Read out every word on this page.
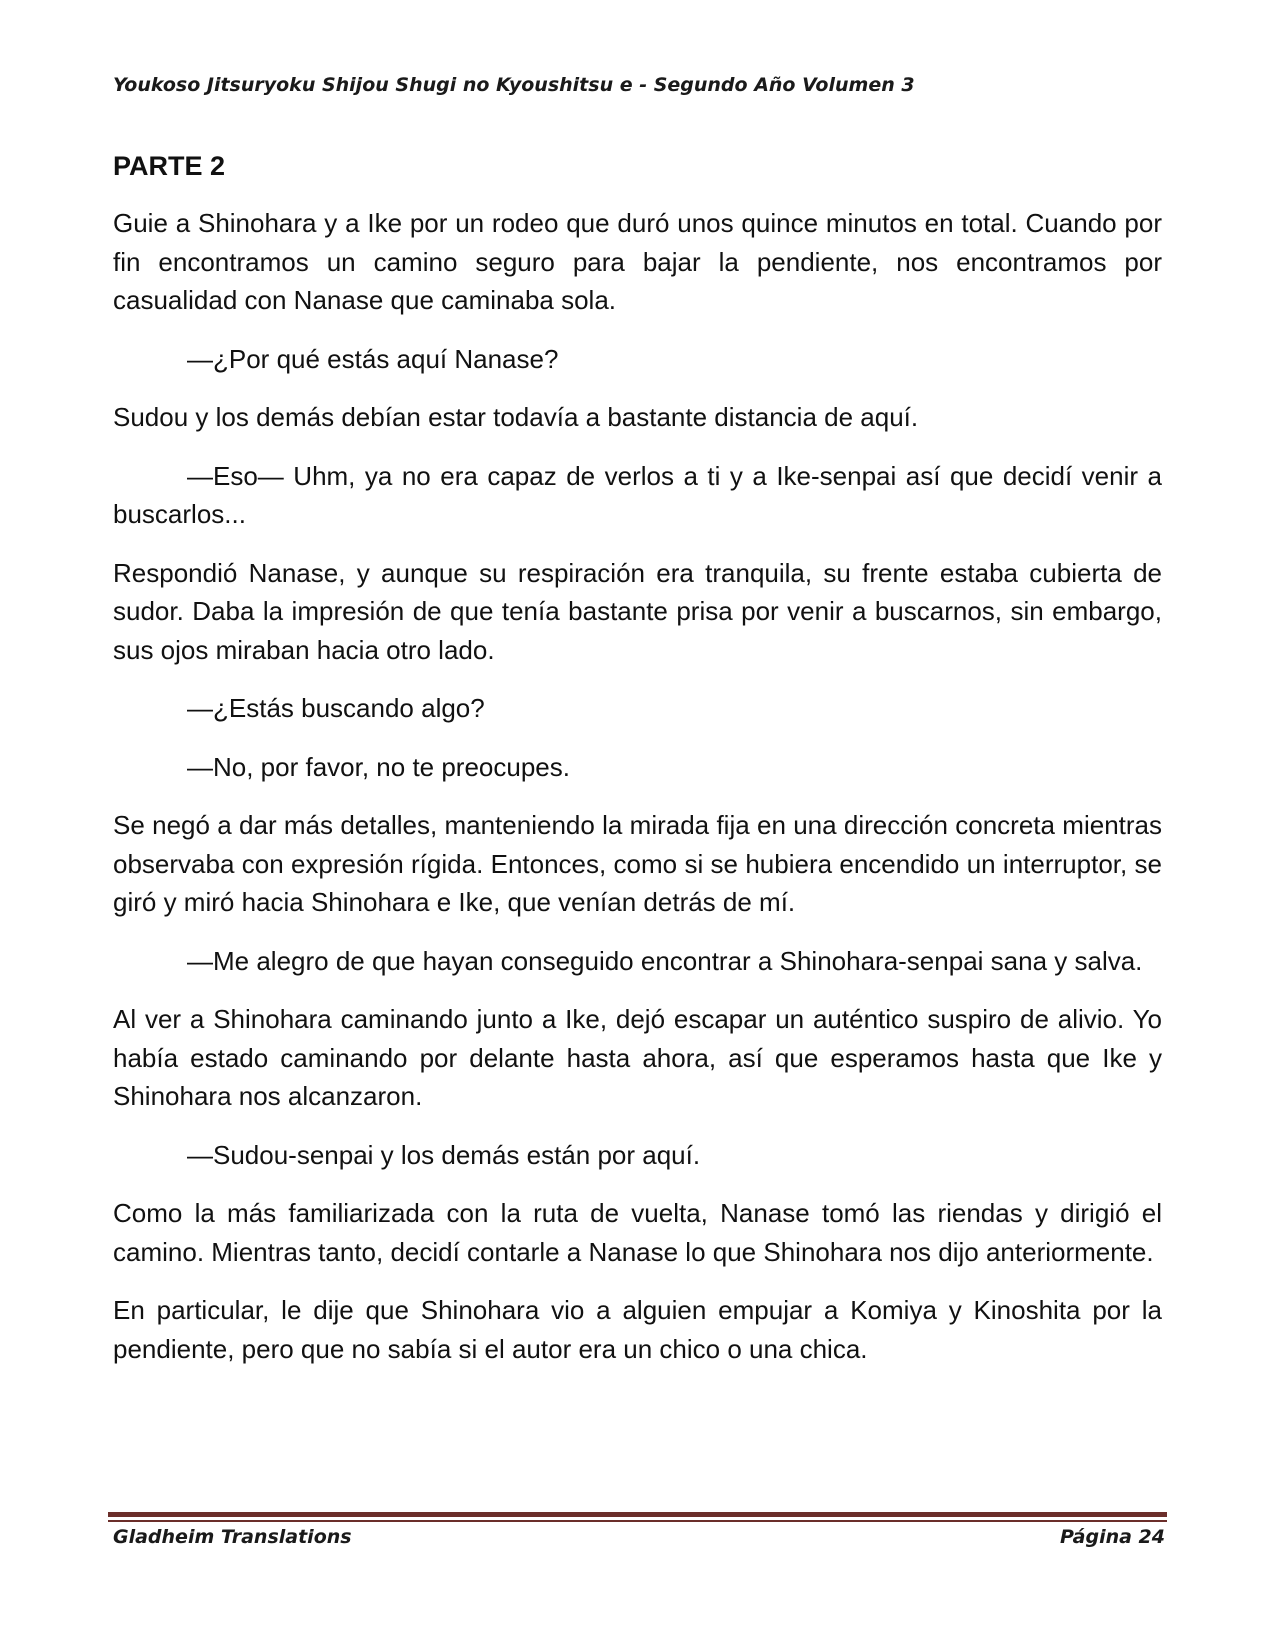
Youkoso Jitsuryoku Shijou Shugi no Kyoushitsu e - Segundo Año Volumen 3
PARTE 2

Guie a Shinohara y a Ike por un rodeo que duró unos quince minutos en total. Cuando por fin encontramos un camino seguro para bajar la pendiente, nos encontramos por casualidad con Nanase que caminaba sola.

—¿Por qué estás aquí Nanase?

Sudou y los demás debían estar todavía a bastante distancia de aquí.

—Eso— Uhm, ya no era capaz de verlos a ti y a Ike-senpai así que decidí venir a buscarlos...

Respondió Nanase, y aunque su respiración era tranquila, su frente estaba cubierta de sudor. Daba la impresión de que tenía bastante prisa por venir a buscarnos, sin embargo, sus ojos miraban hacia otro lado.

—¿Estás buscando algo?

—No, por favor, no te preocupes.

Se negó a dar más detalles, manteniendo la mirada fija en una dirección concreta mientras observaba con expresión rígida. Entonces, como si se hubiera encendido un interruptor, se giró y miró hacia Shinohara e Ike, que venían detrás de mí.

—Me alegro de que hayan conseguido encontrar a Shinohara-senpai sana y salva.

Al ver a Shinohara caminando junto a Ike, dejó escapar un auténtico suspiro de alivio. Yo había estado caminando por delante hasta ahora, así que esperamos hasta que Ike y Shinohara nos alcanzaron.

—Sudou-senpai y los demás están por aquí.

Como la más familiarizada con la ruta de vuelta, Nanase tomó las riendas y dirigió el camino. Mientras tanto, decidí contarle a Nanase lo que Shinohara nos dijo anteriormente.

En particular, le dije que Shinohara vio a alguien empujar a Komiya y Kinoshita por la pendiente, pero que no sabía si el autor era un chico o una chica.

Gladheim Translations	Página 24
